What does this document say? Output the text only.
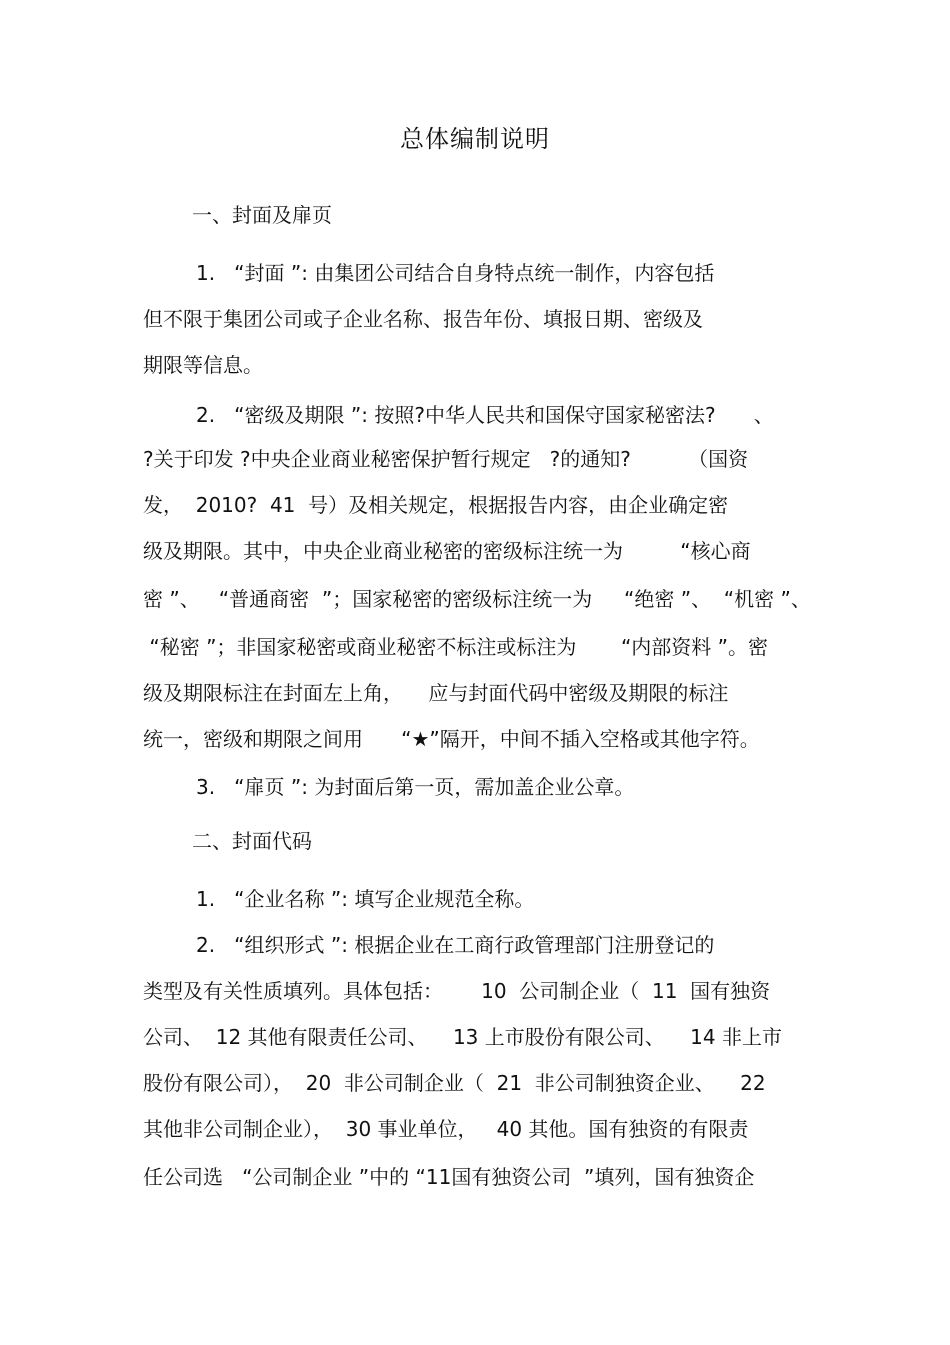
总体编制说明
一、封面及扉页
1.   “封面 ”: 由集团公司结合自身特点统一制作，内容包括
但不限于集团公司或子企业名称、报告年份、填报日期、密级及
期限等信息。
2.   “密级及期限 ”: 按照?中华人民共和国保守国家秘密法?      、
?关于印发 ?中央企业商业秘密保护暂行规定   ?的通知?         （国资
发，  2010?  41  号）及相关规定，根据报告内容，由企业确定密
级及期限。其中，中央企业商业秘密的密级标注统一为         “核心商
密 ”、   “普通商密  ”；国家秘密的密级标注统一为     “绝密 ”、  “机密 ”、
“秘密 ”；非国家秘密或商业秘密不标注或标注为       “内部资料 ”。密
级及期限标注在封面左上角，    应与封面代码中密级及期限的标注
统一，密级和期限之间用      “★”隔开，中间不插入空格或其他字符。
3.   “扉页 ”: 为封面后第一页，需加盖企业公章。
二、封面代码
1.   “企业名称 ”: 填写企业规范全称。
2.   “组织形式 ”: 根据企业在工商行政管理部门注册登记的
类型及有关性质填列。具体包括：      10  公司制企业（  11  国有独资
公司、  12 其他有限责任公司、    13 上市股份有限公司、    14 非上市
股份有限公司），  20  非公司制企业（  21  非公司制独资企业、    22
其他非公司制企业），  30 事业单位，   40 其他。国有独资的有限责
任公司选   “公司制企业 ”中的 “11国有独资公司  ”填列，国有独资企
